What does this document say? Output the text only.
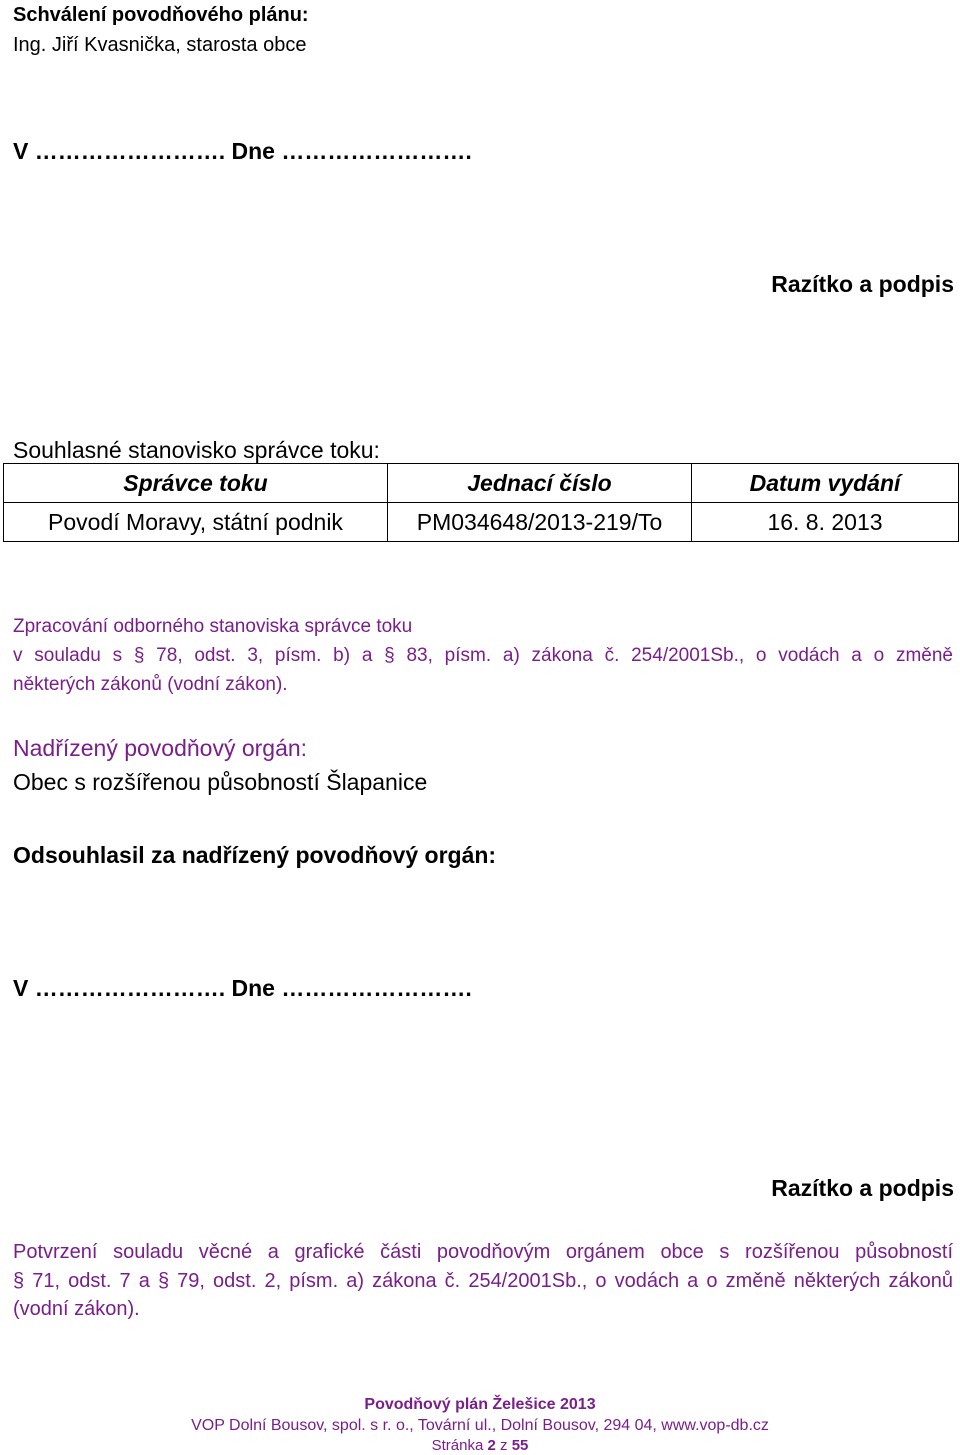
Schválení povodňového plánu:
Ing. Jiří Kvasnička, starosta obce
V ……………………. Dne …………………….
Razítko a podpis
Souhlasné stanovisko správce toku:
Správce toku	Jednací číslo	Datum vydání
Povodí Moravy, státní podnik	PM034648/2013-219/To	16. 8. 2013
Zpracování odborného stanoviska správce toku
v souladu s § 78, odst. 3, písm. b) a § 83, písm. a) zákona č. 254/2001Sb., o vodách a o změně
některých zákonů (vodní zákon).
Nadřízený povodňový orgán:
Obec s rozšířenou působností Šlapanice
Odsouhlasil za nadřízený povodňový orgán:
V ……………………. Dne …………………….
Razítko a podpis
Potvrzení souladu věcné a grafické části povodňovým orgánem obce s rozšířenou působností
§ 71, odst. 7 a § 79, odst. 2, písm. a) zákona č. 254/2001Sb., o vodách a o změně některých zákonů
(vodní zákon).
Povodňový plán Želešice 2013
VOP Dolní Bousov, spol. s r. o., Tovární ul., Dolní Bousov, 294 04, www.vop-db.cz
Stránka 2 z 55
